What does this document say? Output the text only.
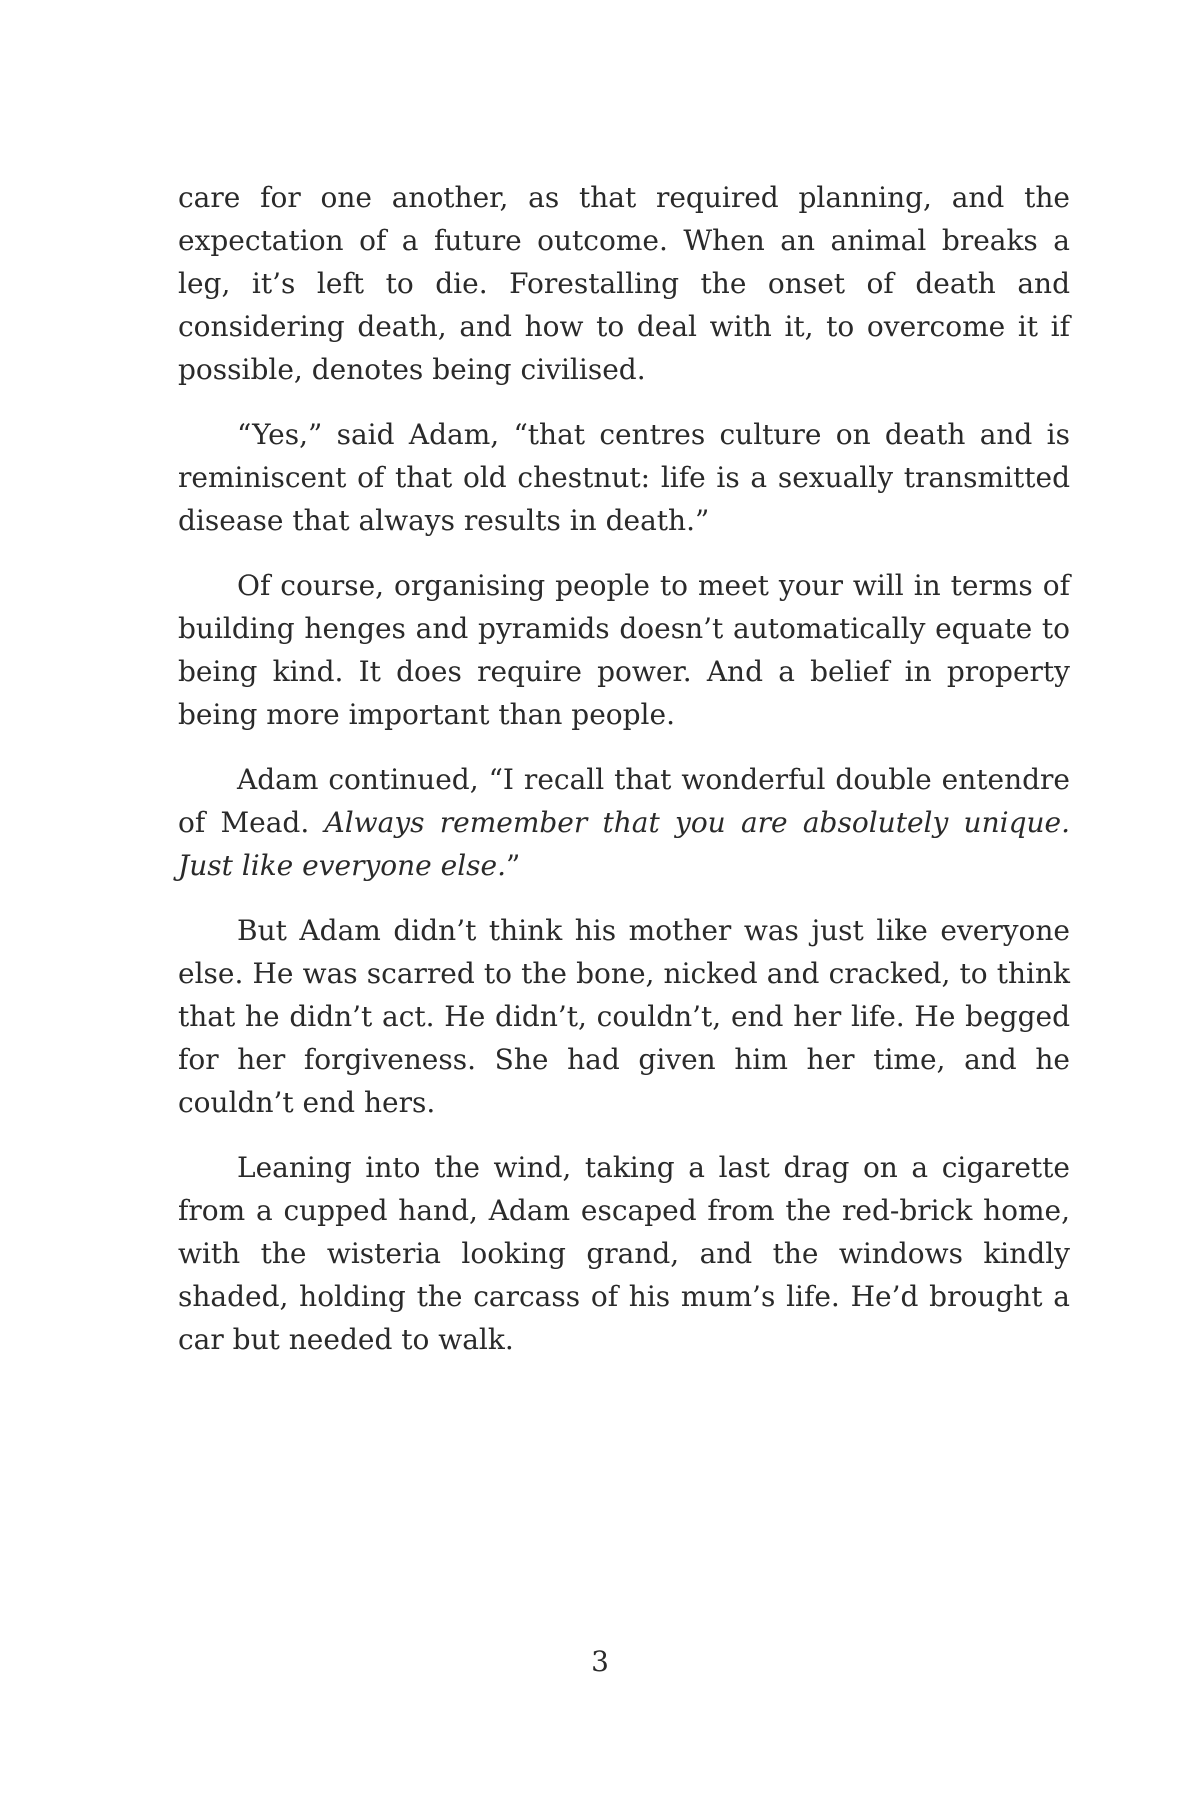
care for one another, as that required planning, and the expectation of a future outcome. When an animal breaks a leg, it’s left to die. Forestalling the onset of death and considering death, and how to deal with it, to overcome it if possible, denotes being civilised.

“Yes,” said Adam, “that centres culture on death and is reminiscent of that old chestnut: life is a sexually transmitted disease that always results in death.”

Of course, organising people to meet your will in terms of building henges and pyramids doesn’t automatically equate to being kind. It does require power. And a belief in property being more important than people.

Adam continued, “I recall that wonderful double entendre of Mead. Always remember that you are absolutely unique. Just like everyone else.”

But Adam didn’t think his mother was just like everyone else. He was scarred to the bone, nicked and cracked, to think that he didn’t act. He didn’t, couldn’t, end her life. He begged for her forgiveness. She had given him her time, and he couldn’t end hers.

Leaning into the wind, taking a last drag on a cigarette from a cupped hand, Adam escaped from the red-brick home, with the wisteria looking grand, and the windows kindly shaded, holding the carcass of his mum’s life. He’d brought a car but needed to walk.

3
